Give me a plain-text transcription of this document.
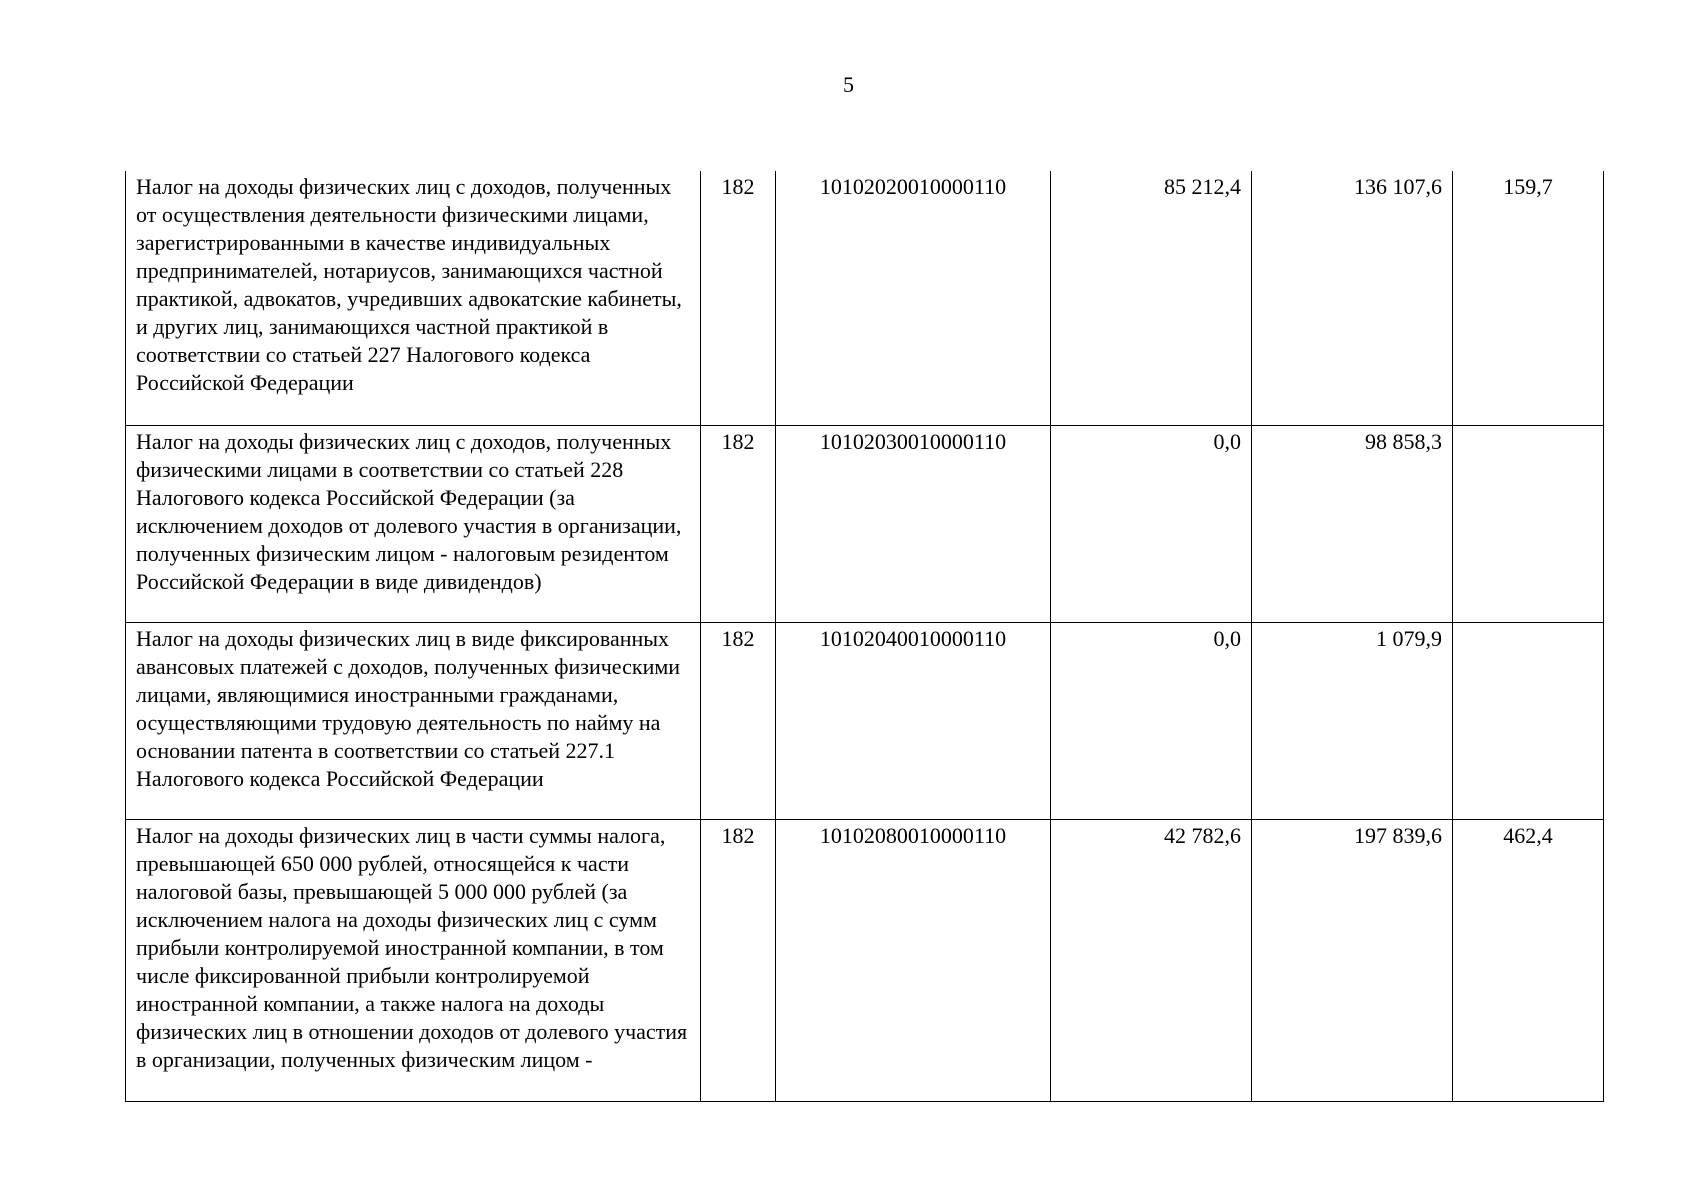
5
Налог на доходы физических лиц с доходов, полученных от осуществления деятельности физическими лицами, зарегистрированными в качестве индивидуальных предпринимателей, нотариусов, занимающихся частной практикой, адвокатов, учредивших адвокатские кабинеты, и других лиц, занимающихся частной практикой в соответствии со статьей 227 Налогового кодекса Российской Федерации	182	10102020010000110	85 212,4	136 107,6	159,7
Налог на доходы физических лиц с доходов, полученных физическими лицами в соответствии со статьей 228 Налогового кодекса Российской Федерации (за исключением доходов от долевого участия в организации, полученных физическим лицом - налоговым резидентом Российской Федерации в виде дивидендов)	182	10102030010000110	0,0	98 858,3	
Налог на доходы физических лиц в виде фиксированных авансовых платежей с доходов, полученных физическими лицами, являющимися иностранными гражданами, осуществляющими трудовую деятельность по найму на основании патента в соответствии со статьей 227.1 Налогового кодекса Российской Федерации	182	10102040010000110	0,0	1 079,9	
Налог на доходы физических лиц в части суммы налога, превышающей 650 000 рублей, относящейся к части налоговой базы, превышающей 5 000 000 рублей (за исключением налога на доходы физических лиц с сумм прибыли контролируемой иностранной компании, в том числе фиксированной прибыли контролируемой иностранной компании, а также налога на доходы физических лиц в отношении доходов от долевого участия в организации, полученных физическим лицом -	182	10102080010000110	42 782,6	197 839,6	462,4
